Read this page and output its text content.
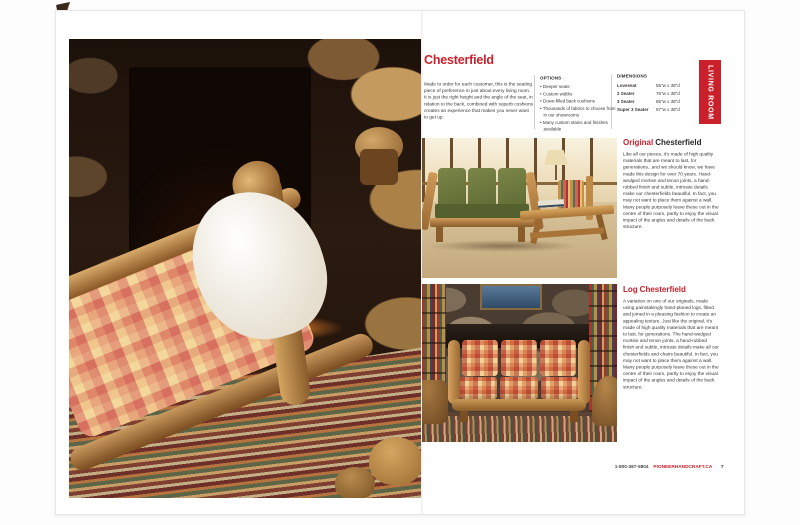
Chesterfield

Made to order for each customer, this is the seating piece of preference in just about every living room. It is just the right height and the angle of the seat, in relation to the back, combined with superb cushions creates an experience that makes you never want to get up.

OPTIONS

• Deeper seats
• Custom widths
• Down-filled back cushions
• Thousands of fabrics to choose from in our showrooms
• Many custom stains and finishes available

DIMENSIONS

Loveseat	55"w x 38"d
2 Seater	76"w x 38"d
3 Seater	86"w x 38"d
Super 3 Seater 97"w x 38"d	LIVING ROOM
Original Chesterfield

Like all our pieces, it's made of high quality materials that are meant to last, for generations...and we should know, we have made this design for over 70 years. Hand-wedged mortise and tenon joints, a hand-rubbed finish and subtle, intricate details make our chesterfields beautiful. In fact, you may not want to place them against a wall. Many people purposely leave these out in the centre of their room, partly to enjoy the visual impact of the angles and details of the back structure.

Log Chesterfield

A variation on one of our originals, made using painstakingly hand-planed logs, fitted and joined in a pleasing fashion to create an appealing texture. Just like the original, it's made of high quality materials that are meant to last, for generations. The hand-wedged mortise and tenon joints, a hand-rubbed finish and subtle, intricate details make all our chesterfields and chairs beautiful. In fact, you may not want to place them against a wall. Many people purposely leave these out in the centre of their room, partly to enjoy the visual impact of the angles and details of the back structure.

1-800-387-5804 PIONEERHANDCRAFT.CA 7
